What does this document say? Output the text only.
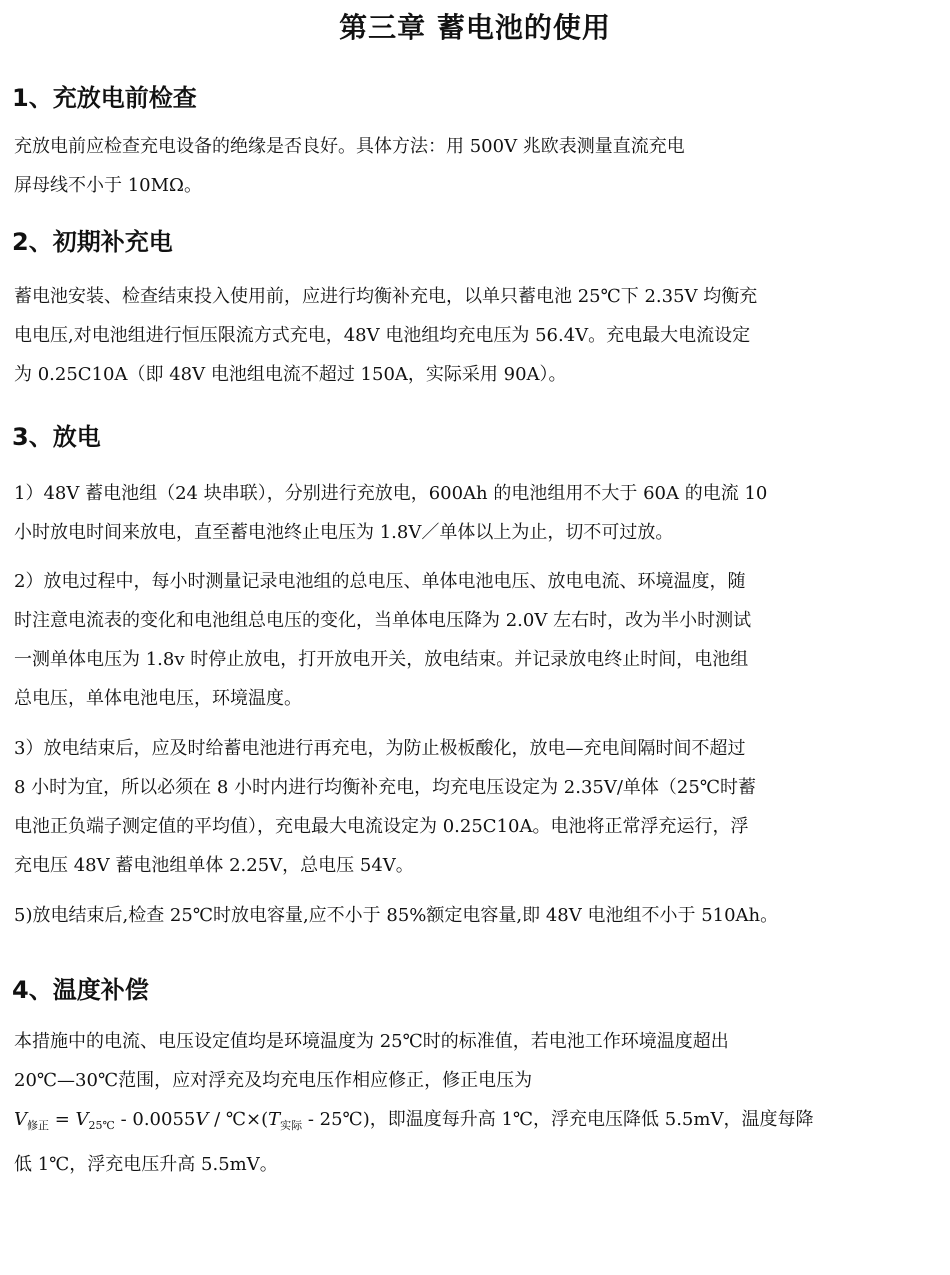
第三章 蓄电池的使用
1、充放电前检查
充放电前应检查充电设备的绝缘是否良好。具体方法：用 500V 兆欧表测量直流充电
屏母线不小于 10MΩ。
2、初期补充电
蓄电池安装、检查结束投入使用前，应进行均衡补充电，以单只蓄电池 25℃下 2.35V 均衡充
电电压,对电池组进行恒压限流方式充电，48V 电池组均充电压为 56.4V。充电最大电流设定
为 0.25C10A（即 48V 电池组电流不超过 150A，实际采用 90A）。
3、放电
1）48V 蓄电池组（24 块串联），分别进行充放电，600Ah 的电池组用不大于 60A 的电流 10
小时放电时间来放电，直至蓄电池终止电压为 1.8V／单体以上为止，切不可过放。
2）放电过程中，每小时测量记录电池组的总电压、单体电池电压、放电电流、环境温度，随
时注意电流表的变化和电池组总电压的变化，当单体电压降为 2.0V 左右时，改为半小时测试
一测单体电压为 1.8v 时停止放电，打开放电开关，放电结束。并记录放电终止时间，电池组
总电压，单体电池电压，环境温度。
3）放电结束后，应及时给蓄电池进行再充电，为防止极板酸化，放电—充电间隔时间不超过
8 小时为宜，所以必须在 8 小时内进行均衡补充电，均充电压设定为 2.35V/单体（25℃时蓄
电池正负端子测定值的平均值），充电最大电流设定为 0.25C10A。电池将正常浮充运行，浮
充电压 48V 蓄电池组单体 2.25V，总电压 54V。
5)放电结束后,检查 25℃时放电容量,应不小于 85%额定电容量,即 48V 电池组不小于 510Ah。
4、温度补偿
本措施中的电流、电压设定值均是环境温度为 25℃时的标准值，若电池工作环境温度超出
20℃—30℃范围，应对浮充及均充电压作相应修正，修正电压为
$V_{修正} = V_{25℃} - 0.0055V$ / $℃\times(T_{实际}$ - 25℃)，即温度每升高 1℃，浮充电压降低 5.5mV，温度每降
低 1℃，浮充电压升高 5.5mV。
